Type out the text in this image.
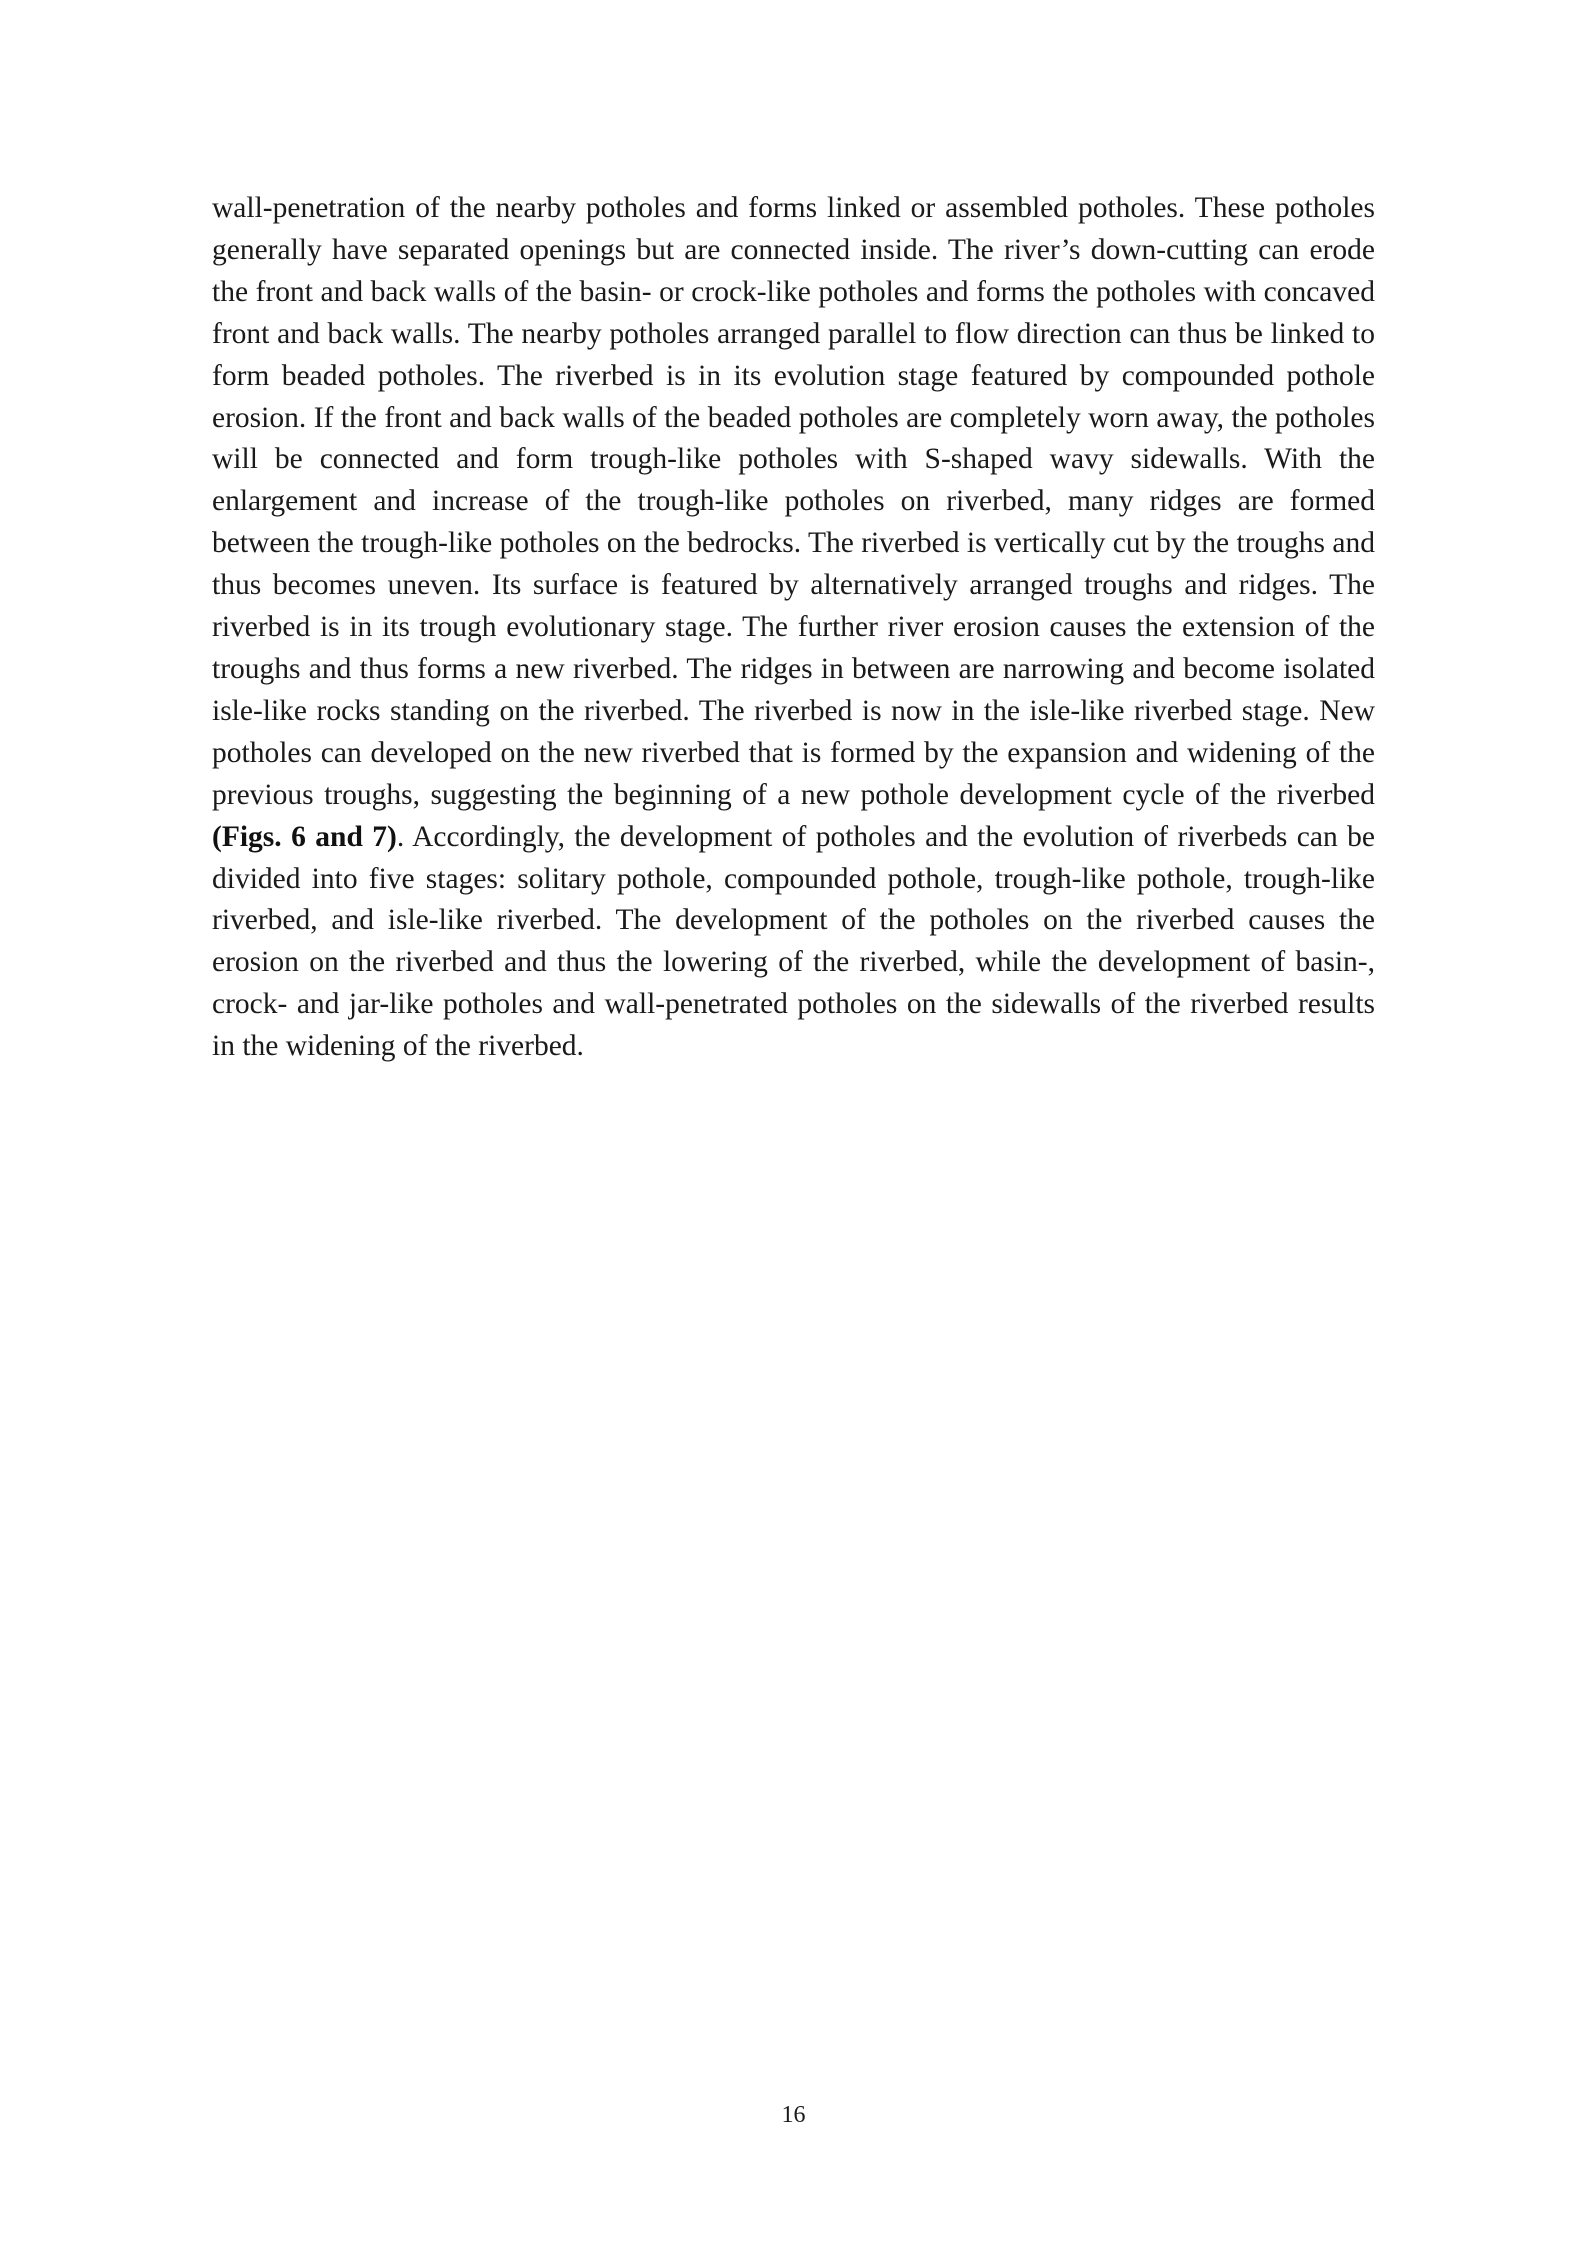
wall-penetration of the nearby potholes and forms linked or assembled potholes. These potholes generally have separated openings but are connected inside. The river’s down-cutting can erode the front and back walls of the basin- or crock-like potholes and forms the potholes with concaved front and back walls. The nearby potholes arranged parallel to flow direction can thus be linked to form beaded potholes. The riverbed is in its evolution stage featured by compounded pothole erosion. If the front and back walls of the beaded potholes are completely worn away, the potholes will be connected and form trough-like potholes with S-shaped wavy sidewalls. With the enlargement and increase of the trough-like potholes on riverbed, many ridges are formed between the trough-like potholes on the bedrocks. The riverbed is vertically cut by the troughs and thus becomes uneven. Its surface is featured by alternatively arranged troughs and ridges. The riverbed is in its trough evolutionary stage. The further river erosion causes the extension of the troughs and thus forms a new riverbed. The ridges in between are narrowing and become isolated isle-like rocks standing on the riverbed. The riverbed is now in the isle-like riverbed stage. New potholes can developed on the new riverbed that is formed by the expansion and widening of the previous troughs, suggesting the beginning of a new pothole development cycle of the riverbed (Figs. 6 and 7). Accordingly, the development of potholes and the evolution of riverbeds can be divided into five stages: solitary pothole, compounded pothole, trough-like pothole, trough-like riverbed, and isle-like riverbed. The development of the potholes on the riverbed causes the erosion on the riverbed and thus the lowering of the riverbed, while the development of basin-, crock- and jar-like potholes and wall-penetrated potholes on the sidewalls of the riverbed results in the widening of the riverbed.

16
